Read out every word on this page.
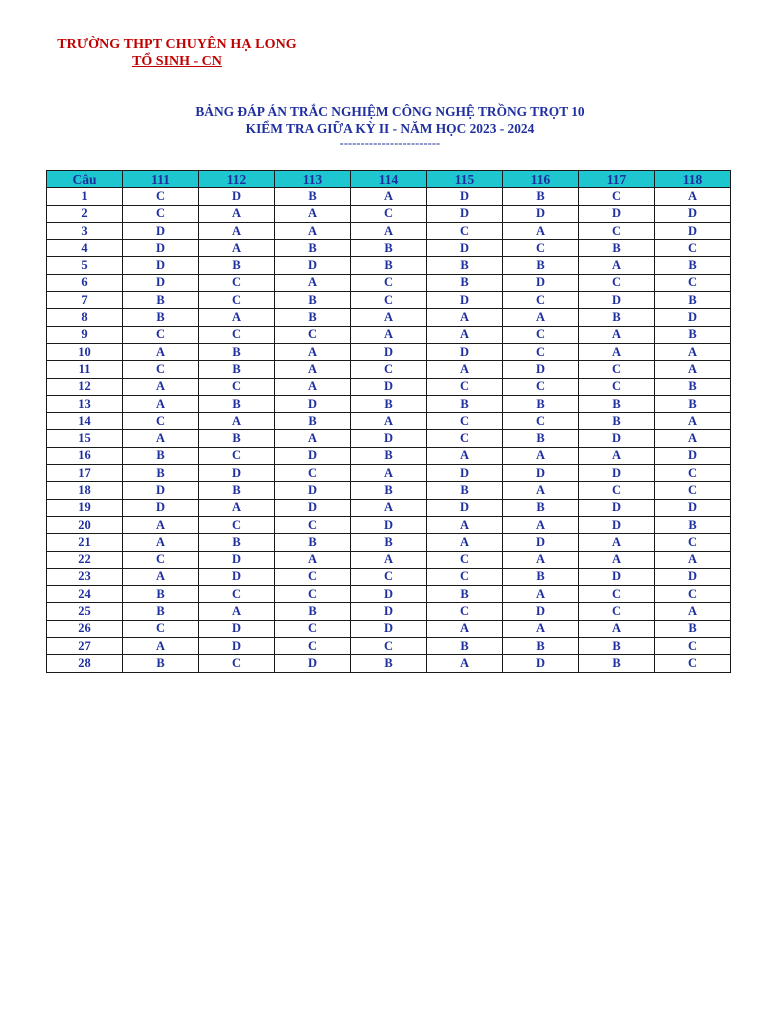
TRƯỜNG THPT CHUYÊN HẠ LONG
TỔ SINH - CN
BẢNG ĐÁP ÁN TRẮC NGHIỆM CÔNG NGHỆ TRỒNG TRỌT 10
KIỂM TRA GIỮA KỲ II - NĂM HỌC 2023 - 2024
------------------------
Câu	111	112	113	114	115	116	117	118
1	C	D	B	A	D	B	C	A
2	C	A	A	C	D	D	D	D
3	D	A	A	A	C	A	C	D
4	D	A	B	B	D	C	B	C
5	D	B	D	B	B	B	A	B
6	D	C	A	C	B	D	C	C
7	B	C	B	C	D	C	D	B
8	B	A	B	A	A	A	B	D
9	C	C	C	A	A	C	A	B
10	A	B	A	D	D	C	A	A
11	C	B	A	C	A	D	C	A
12	A	C	A	D	C	C	C	B
13	A	B	D	B	B	B	B	B
14	C	A	B	A	C	C	B	A
15	A	B	A	D	C	B	D	A
16	B	C	D	B	A	A	A	D
17	B	D	C	A	D	D	D	C
18	D	B	D	B	B	A	C	C
19	D	A	D	A	D	B	D	D
20	A	C	C	D	A	A	D	B
21	A	B	B	B	A	D	A	C
22	C	D	A	A	C	A	A	A
23	A	D	C	C	C	B	D	D
24	B	C	C	D	B	A	C	C
25	B	A	B	D	C	D	C	A
26	C	D	C	D	A	A	A	B
27	A	D	C	C	B	B	B	C
28	B	C	D	B	A	D	B	C
